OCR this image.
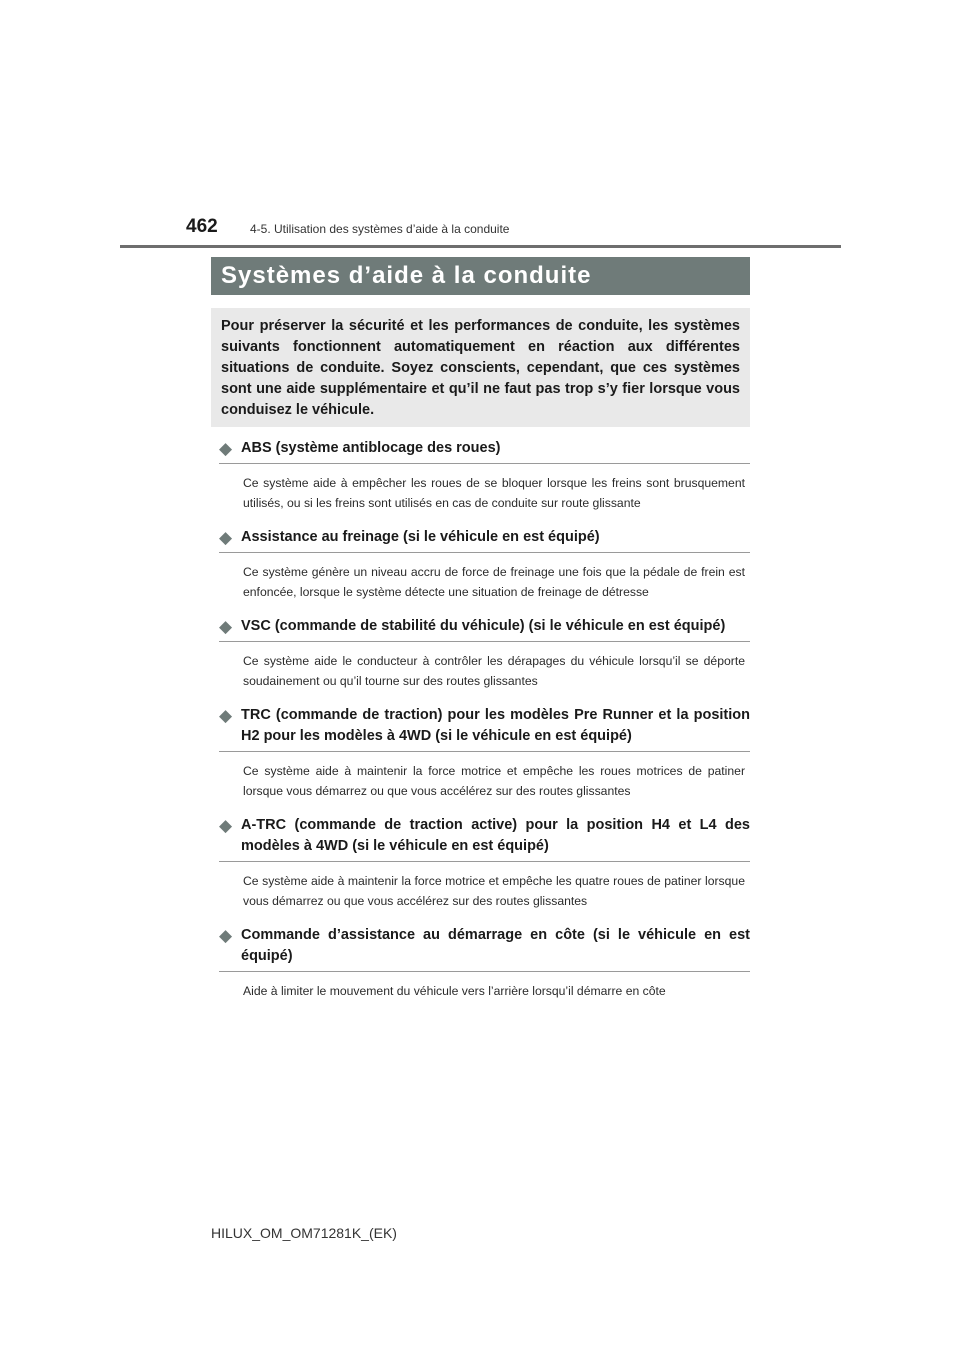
462	4-5. Utilisation des systèmes d’aide à la conduite
Systèmes d’aide à la conduite
Pour préserver la sécurité et les performances de conduite, les systèmes suivants fonctionnent automatiquement en réaction aux différentes situations de conduite. Soyez conscients, cependant, que ces systèmes sont une aide supplémentaire et qu’il ne faut pas trop s’y fier lorsque vous conduisez le véhicule.
◆ ABS (système antiblocage des roues)
Ce système aide à empêcher les roues de se bloquer lorsque les freins sont brusquement utilisés, ou si les freins sont utilisés en cas de conduite sur route glissante
◆ Assistance au freinage (si le véhicule en est équipé)
Ce système génère un niveau accru de force de freinage une fois que la pédale de frein est enfoncée, lorsque le système détecte une situation de freinage de détresse
◆ VSC (commande de stabilité du véhicule) (si le véhicule en est équipé)
Ce système aide le conducteur à contrôler les dérapages du véhicule lorsqu’il se déporte soudainement ou qu’il tourne sur des routes glissantes
◆ TRC (commande de traction) pour les modèles Pre Runner et la position H2 pour les modèles à 4WD (si le véhicule en est équipé)
Ce système aide à maintenir la force motrice et empêche les roues motrices de patiner lorsque vous démarrez ou que vous accélérez sur des routes glissantes
◆ A-TRC (commande de traction active) pour la position H4 et L4 des modèles à 4WD (si le véhicule en est équipé)
Ce système aide à maintenir la force motrice et empêche les quatre roues de patiner lorsque vous démarrez ou que vous accélérez sur des routes glissantes
◆ Commande d’assistance au démarrage en côte (si le véhicule en est équipé)
Aide à limiter le mouvement du véhicule vers l’arrière lorsqu’il démarre en côte
HILUX_OM_OM71281K_(EK)
